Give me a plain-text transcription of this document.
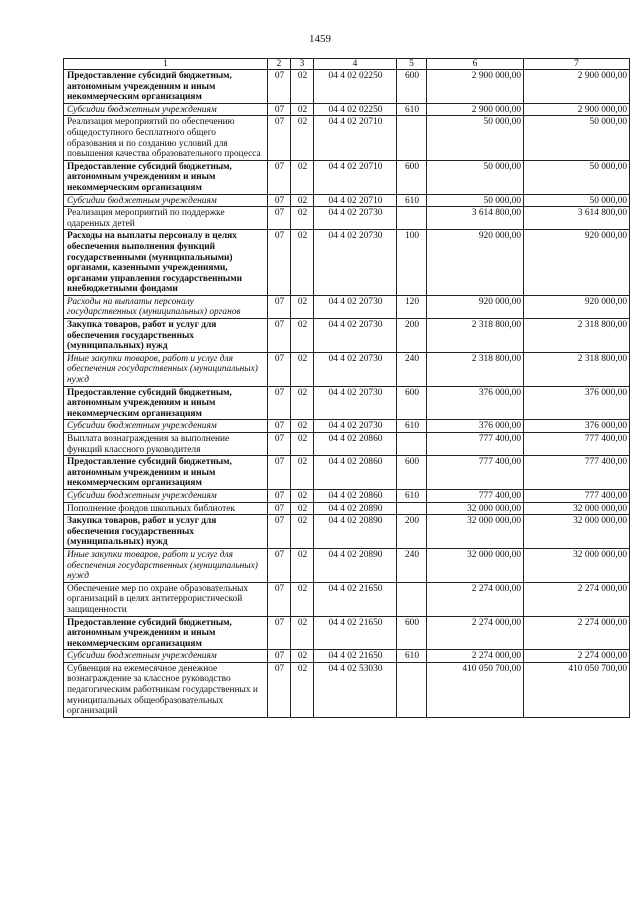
1459
1	2	3	4	5	6	7
Предоставление субсидий бюджетным, автономным учреждениям и иным некоммерческим организациям	07	02	04 4 02 02250	600	2 900 000,00	2 900 000,00
Субсидии бюджетным учреждениям	07	02	04 4 02 02250	610	2 900 000,00	2 900 000,00
Реализация мероприятий по обеспечению общедоступного бесплатного общего образования и по созданию условий для повышения качества образовательного процесса	07	02	04 4 02 20710		50 000,00	50 000,00
Предоставление субсидий бюджетным, автономным учреждениям и иным некоммерческим организациям	07	02	04 4 02 20710	600	50 000,00	50 000,00
Субсидии бюджетным учреждениям	07	02	04 4 02 20710	610	50 000,00	50 000,00
Реализация мероприятий по поддержке одаренных детей	07	02	04 4 02 20730		3 614 800,00	3 614 800,00
Расходы на выплаты персоналу в целях обеспечения выполнения функций государственными (муниципальными) органами, казенными учреждениями, органами управления государственными внебюджетными фондами	07	02	04 4 02 20730	100	920 000,00	920 000,00
Расходы на выплаты персоналу государственных (муниципальных) органов	07	02	04 4 02 20730	120	920 000,00	920 000,00
Закупка товаров, работ и услуг для обеспечения государственных (муниципальных) нужд	07	02	04 4 02 20730	200	2 318 800,00	2 318 800,00
Иные закупки товаров, работ и услуг для обеспечения государственных (муниципальных) нужд	07	02	04 4 02 20730	240	2 318 800,00	2 318 800,00
Предоставление субсидий бюджетным, автономным учреждениям и иным некоммерческим организациям	07	02	04 4 02 20730	600	376 000,00	376 000,00
Субсидии бюджетным учреждениям	07	02	04 4 02 20730	610	376 000,00	376 000,00
Выплата вознаграждения за выполнение функций классного руководителя	07	02	04 4 02 20860		777 400,00	777 400,00
Предоставление субсидий бюджетным, автономным учреждениям и иным некоммерческим организациям	07	02	04 4 02 20860	600	777 400,00	777 400,00
Субсидии бюджетным учреждениям	07	02	04 4 02 20860	610	777 400,00	777 400,00
Пополнение фондов школьных библиотек	07	02	04 4 02 20890		32 000 000,00	32 000 000,00
Закупка товаров, работ и услуг для обеспечения государственных (муниципальных) нужд	07	02	04 4 02 20890	200	32 000 000,00	32 000 000,00
Иные закупки товаров, работ и услуг для обеспечения государственных (муниципальных) нужд	07	02	04 4 02 20890	240	32 000 000,00	32 000 000,00
Обеспечение мер по охране образовательных организаций в целях антитеррористической защищенности	07	02	04 4 02 21650		2 274 000,00	2 274 000,00
Предоставление субсидий бюджетным, автономным учреждениям и иным некоммерческим организациям	07	02	04 4 02 21650	600	2 274 000,00	2 274 000,00
Субсидии бюджетным учреждениям	07	02	04 4 02 21650	610	2 274 000,00	2 274 000,00
Субвенция на ежемесячное денежное вознаграждение за классное руководство педагогическим работникам государственных и муниципальных общеобразовательных организаций	07	02	04 4 02 53030		410 050 700,00	410 050 700,00
